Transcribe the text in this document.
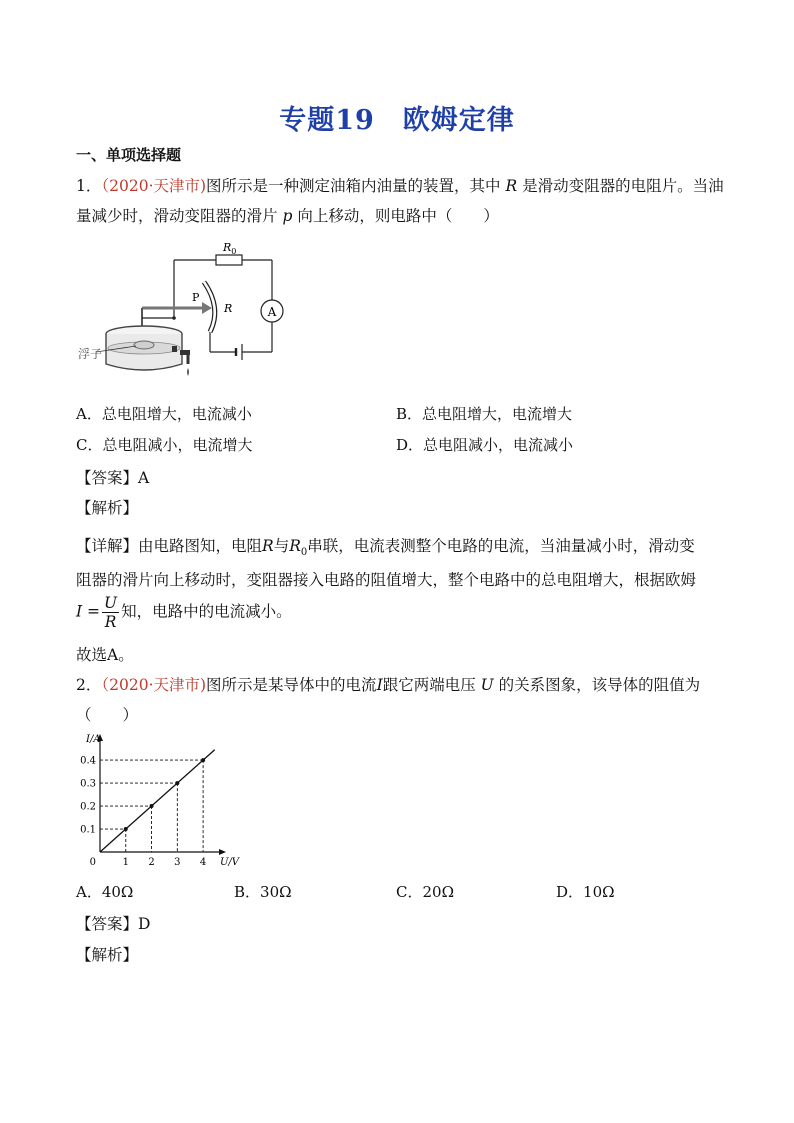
专题19　欧姆定律
一、单项选择题
1．（2020·天津市)图所示是一种测定油箱内油量的装置，其中 R 是滑动变阻器的电阻片。当油
量减少时，滑动变阻器的滑片 p 向上移动，则电路中（　　）
A
浮子
$R_0$
P
R
A．总电阻增大，电流减小	B．总电阻增大，电流增大
C．总电阻减小，电流增大	D．总电阻减小，电流减小
【答案】A
【解析】
【详解】由电路图知，电阻R与$R_0$串联，电流表测整个电路的电流，当油量减小时，滑动变
阻器的滑片向上移动时，变阻器接入电路的阻值增大，整个电路中的总电阻增大，根据欧姆
$I = \frac{U}{R}$ 知，电路中的电流减小。
故选A。
2．（2020·天津市)图所示是某导体中的电流I跟它两端电压 U 的关系图象，该导体的阻值为
（　　）
I/A
U/V
0	1 2 3 4
0.1
0.2
0.3
0.4
A．40Ω	B．30Ω	C．20Ω	D．10Ω
【答案】D
【解析】
